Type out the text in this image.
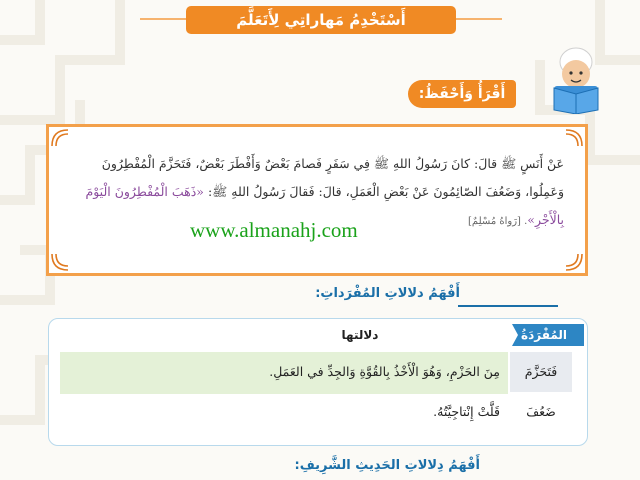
أَسْتَخْدِمُ مَهاراتِي لِأَتَعَلَّمَ
أَقْرَأُ وَأَحْفَظُ:
عَنْ أَنَسٍ ﷺ قالَ: كانَ رَسُولُ اللهِ ﷺ فِي سَفَرٍ فَصامَ بَعْضٌ وَأَفْطَرَ بَعْضٌ، فَتَحَزَّمَ الْمُفْطِرُونَ
وَعَمِلُوا، وَضَعُفَ الصّائِمُونَ عَنْ بَعْضِ الْعَمَلِ، قالَ: فَقالَ رَسُولُ اللهِ ﷺ: «ذَهَبَ الْمُفْطِرُونَ الْيَوْمَ
بِالْأَجْرِ». [رَواهُ مُسْلِمٌ]
www.almanahj.com
أَفْهَمُ دلالاتِ المُفْرَداتِ:
المُفْرَدَةُ
دلالتها
فَتَحَزَّمَ
مِنَ الحَزْمِ، وَهُوَ الْأَخْذُ بِالقُوَّةِ وَالجِدِّ في العَمَلِ.
ضَعُفَ
قَلَّتْ إِنْتاجِيَّتُهُ.
أَفْهَمُ دِلالاتِ الحَدِيثِ الشَّرِيفِ:
